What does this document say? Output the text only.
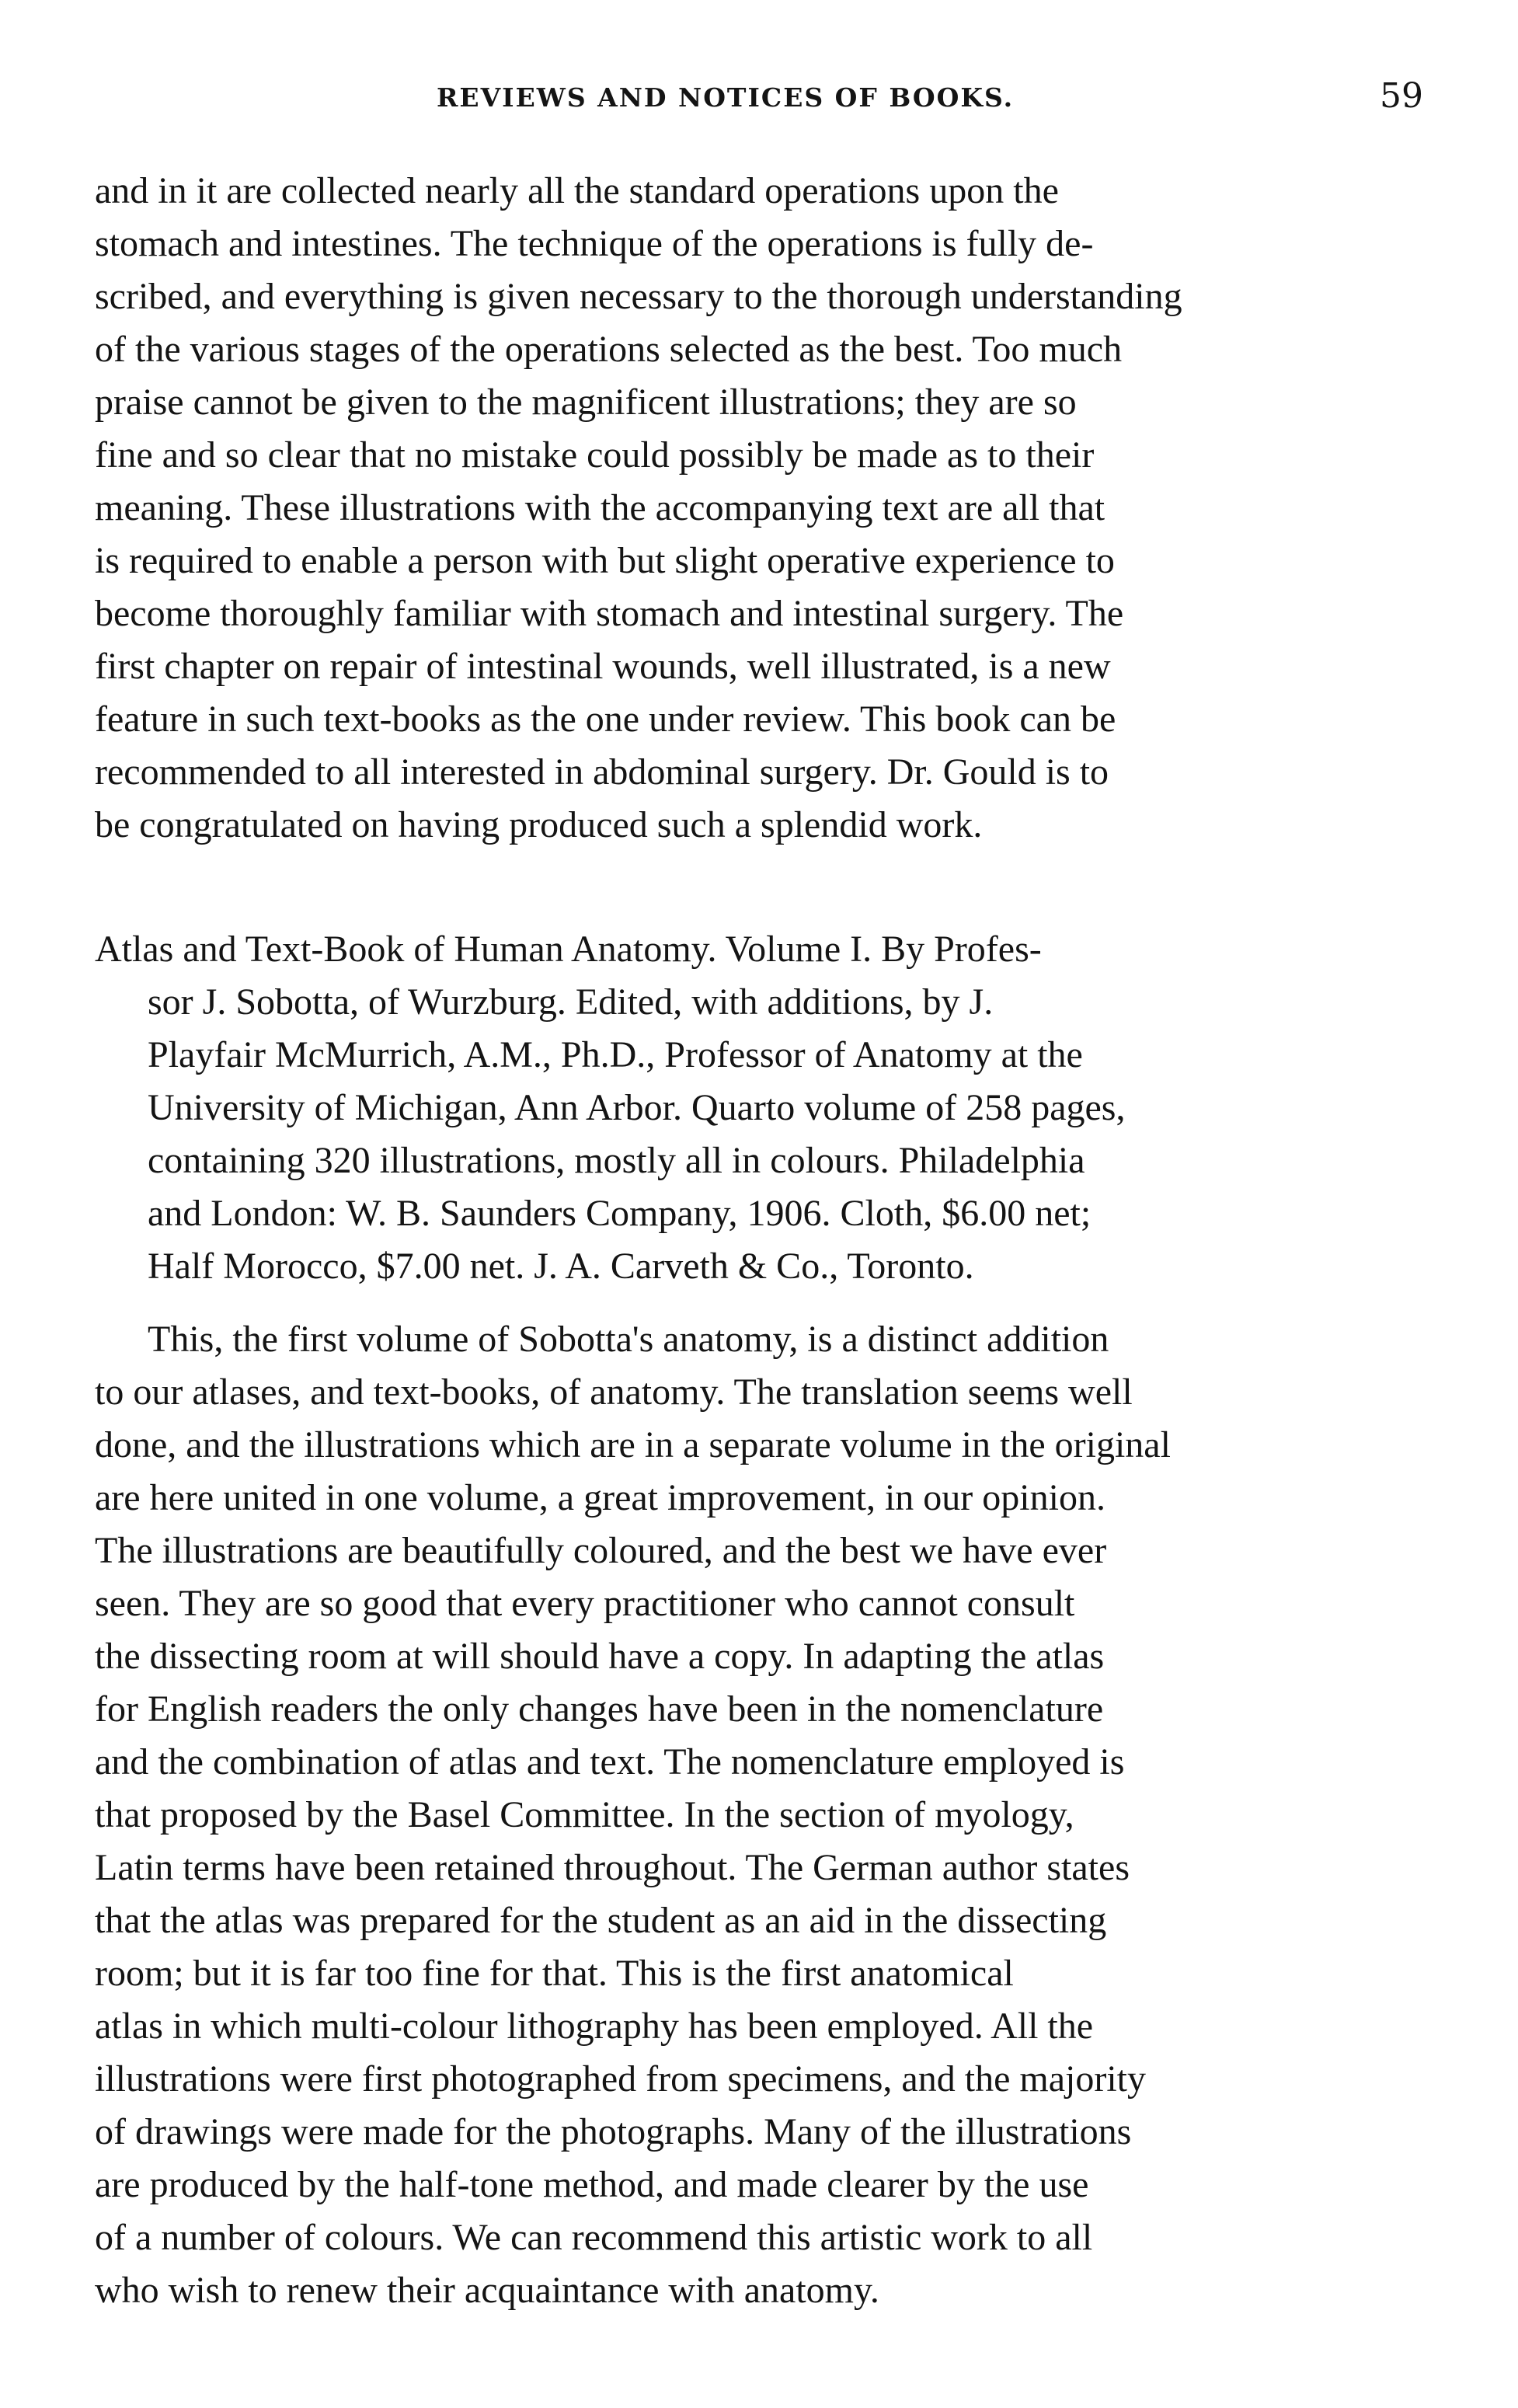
REVIEWS AND NOTICES OF BOOKS.	59
and in it are collected nearly all the standard operations upon the
stomach and intestines. The technique of the operations is fully de-
scribed, and everything is given necessary to the thorough understanding
of the various stages of the operations selected as the best. Too much
praise cannot be given to the magnificent illustrations; they are so
fine and so clear that no mistake could possibly be made as to their
meaning. These illustrations with the accompanying text are all that
is required to enable a person with but slight operative experience to
become thoroughly familiar with stomach and intestinal surgery. The
first chapter on repair of intestinal wounds, well illustrated, is a new
feature in such text-books as the one under review. This book can be
recommended to all interested in abdominal surgery. Dr. Gould is to
be congratulated on having produced such a splendid work.
Atlas and Text-Book of Human Anatomy. Volume I. By Profes-
sor J. Sobotta, of Wurzburg. Edited, with additions, by J.
Playfair McMurrich, A.M., Ph.D., Professor of Anatomy at the
University of Michigan, Ann Arbor. Quarto volume of 258 pages,
containing 320 illustrations, mostly all in colours. Philadelphia
and London: W. B. Saunders Company, 1906. Cloth, $6.00 net;
Half Morocco, $7.00 net. J. A. Carveth & Co., Toronto.
This, the first volume of Sobotta's anatomy, is a distinct addition
to our atlases, and text-books, of anatomy. The translation seems well
done, and the illustrations which are in a separate volume in the original
are here united in one volume, a great improvement, in our opinion.
The illustrations are beautifully coloured, and the best we have ever
seen. They are so good that every practitioner who cannot consult
the dissecting room at will should have a copy. In adapting the atlas
for English readers the only changes have been in the nomenclature
and the combination of atlas and text. The nomenclature employed is
that proposed by the Basel Committee. In the section of myology,
Latin terms have been retained throughout. The German author states
that the atlas was prepared for the student as an aid in the dissecting
room; but it is far too fine for that. This is the first anatomical
atlas in which multi-colour lithography has been employed. All the
illustrations were first photographed from specimens, and the majority
of drawings were made for the photographs. Many of the illustrations
are produced by the half-tone method, and made clearer by the use
of a number of colours. We can recommend this artistic work to all
who wish to renew their acquaintance with anatomy.
